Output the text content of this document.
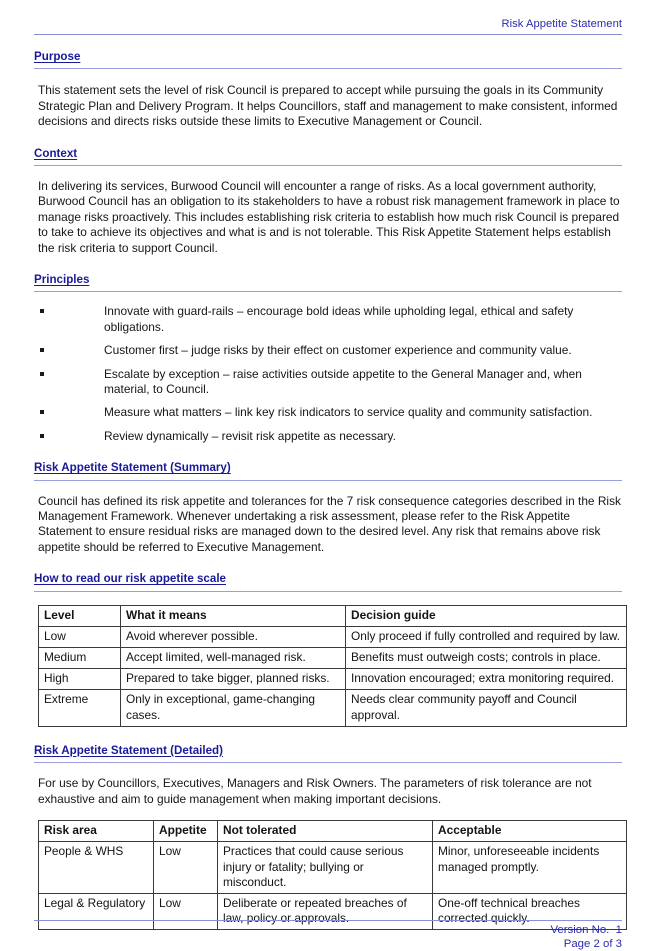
Risk Appetite Statement
Purpose

This statement sets the level of risk Council is prepared to accept while pursuing the goals in its Community Strategic Plan and Delivery Program. It helps Councillors, staff and management to make consistent, informed decisions and directs risks outside these limits to Executive Management or Council.

Context

In delivering its services, Burwood Council will encounter a range of risks. As a local government authority, Burwood Council has an obligation to its stakeholders to have a robust risk management framework in place to manage risks proactively. This includes establishing risk criteria to establish how much risk Council is prepared to take to achieve its objectives and what is and is not tolerable. This Risk Appetite Statement helps establish the risk criteria to support Council.

Principles
Innovate with guard-rails – encourage bold ideas while upholding legal, ethical and safety obligations.
Customer first – judge risks by their effect on customer experience and community value.
Escalate by exception – raise activities outside appetite to the General Manager and, when material, to Council.
Measure what matters – link key risk indicators to service quality and community satisfaction.
Review dynamically – revisit risk appetite as necessary.
Risk Appetite Statement (Summary)

Council has defined its risk appetite and tolerances for the 7 risk consequence categories described in the Risk Management Framework. Whenever undertaking a risk assessment, please refer to the Risk Appetite Statement to ensure residual risks are managed down to the desired level. Any risk that remains above risk appetite should be referred to Executive Management.

How to read our risk appetite scale
Level	What it means	Decision guide
Low	Avoid wherever possible.	Only proceed if fully controlled and required by law.
Medium	Accept limited, well-managed risk.	Benefits must outweigh costs; controls in place.
High	Prepared to take bigger, planned risks.	Innovation encouraged; extra monitoring required.
Extreme	Only in exceptional, game-changing cases.	Needs clear community payoff and Council approval.
Risk Appetite Statement (Detailed)

For use by Councillors, Executives, Managers and Risk Owners. The parameters of risk tolerance are not exhaustive and aim to guide management when making important decisions.

Risk area	Appetite	Not tolerated	Acceptable
People & WHS	Low	Practices that could cause serious injury or fatality; bullying or misconduct.	Minor, unforeseeable incidents managed promptly.
Legal & Regulatory	Low	Deliberate or repeated breaches of law, policy or approvals.	One-off technical breaches corrected quickly.
Version No.  1
Page 2 of 3
